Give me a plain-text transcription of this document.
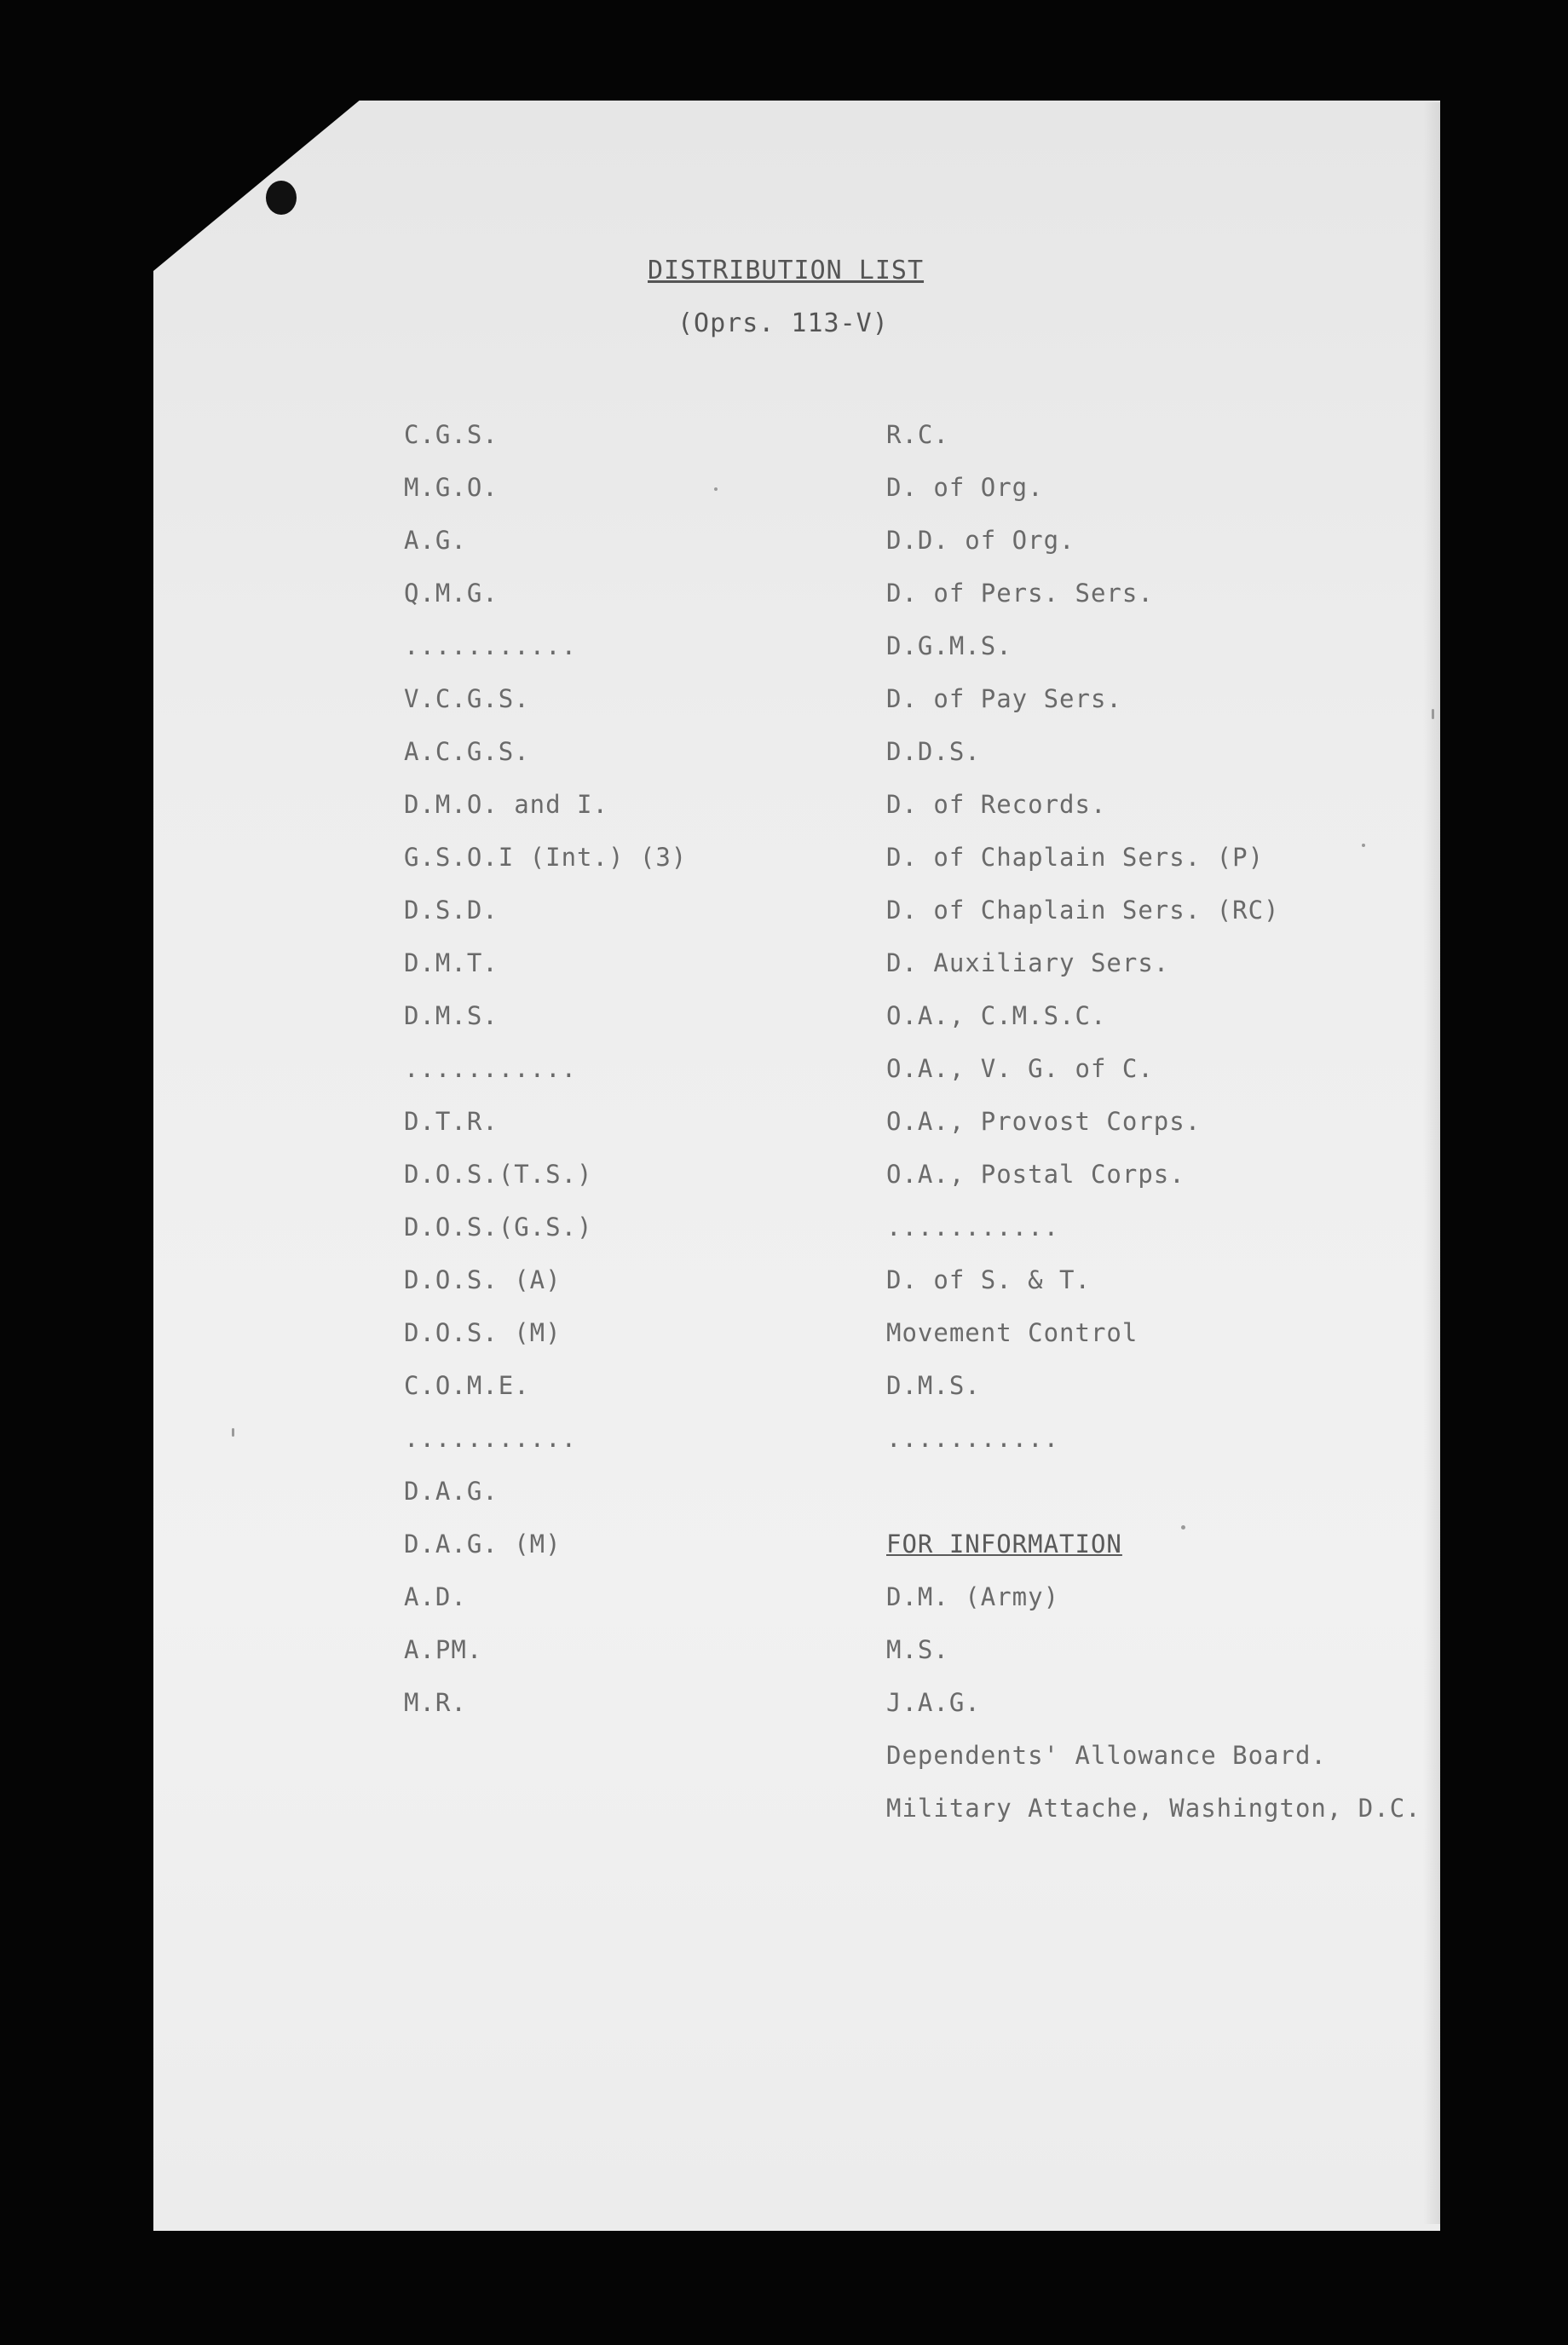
DISTRIBUTION LIST
(Oprs. 113-V)
C.G.S.
M.G.O.
A.G.
Q.M.G.
...........
V.C.G.S.
A.C.G.S.
D.M.O. and I.
G.S.O.I (Int.) (3)
D.S.D.
D.M.T.
D.M.S.
...........
D.T.R.
D.O.S.(T.S.)
D.O.S.(G.S.)
D.O.S. (A)
D.O.S. (M)
C.O.M.E.
...........
D.A.G.
D.A.G. (M)
A.D.
A.PM.
M.R.
R.C.
D. of Org.
D.D. of Org.
D. of Pers. Sers.
D.G.M.S.
D. of Pay Sers.
D.D.S.
D. of Records.
D. of Chaplain Sers. (P)
D. of Chaplain Sers. (RC)
D. Auxiliary Sers.
O.A., C.M.S.C.
O.A., V. G. of C.
O.A., Provost Corps.
O.A., Postal Corps.
...........
D. of S. & T.
Movement Control
D.M.S.
...........
FOR INFORMATION
D.M. (Army)
M.S.
J.A.G.
Dependents' Allowance Board.
Military Attache, Washington, D.C.
